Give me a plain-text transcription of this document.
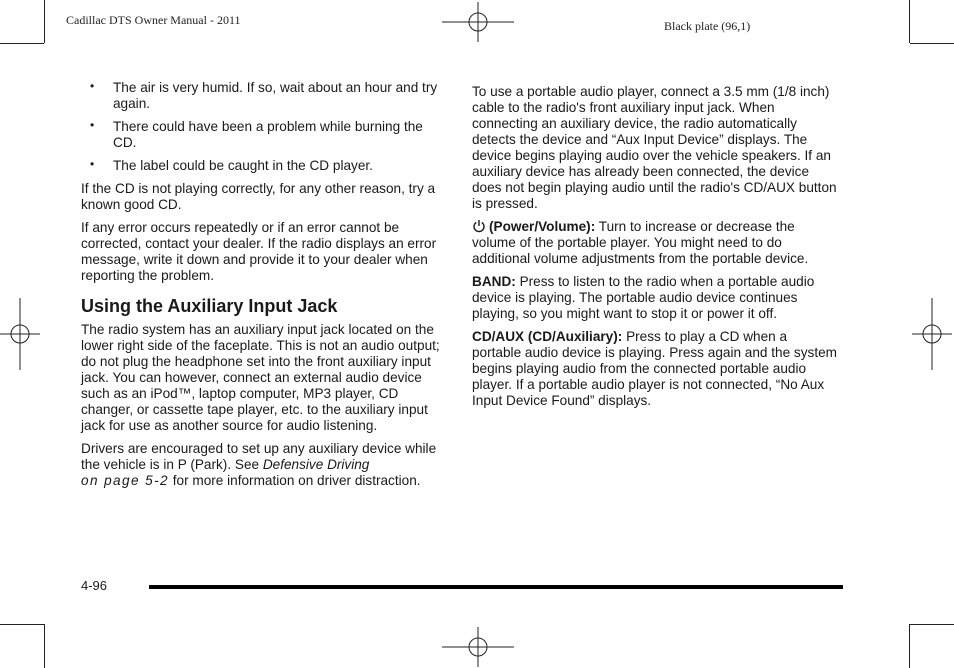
Cadillac DTS Owner Manual - 2011	Black plate (96,1)
• The air is very humid. If so, wait about an hour and try again.
• There could have been a problem while burning the CD.
• The label could be caught in the CD player.

If the CD is not playing correctly, for any other reason, try a known good CD.

If any error occurs repeatedly or if an error cannot be corrected, contact your dealer. If the radio displays an error message, write it down and provide it to your dealer when reporting the problem.

Using the Auxiliary Input Jack

The radio system has an auxiliary input jack located on the lower right side of the faceplate. This is not an audio output; do not plug the headphone set into the front auxiliary input jack. You can however, connect an external audio device such as an iPod™, laptop computer, MP3 player, CD changer, or cassette tape player, etc. to the auxiliary input jack for use as another source for audio listening.

Drivers are encouraged to set up any auxiliary device while the vehicle is in P (Park). See Defensive Driving
on page 5-2 for more information on driver distraction.

To use a portable audio player, connect a 3.5 mm (1/8 inch) cable to the radio's front auxiliary input jack. When connecting an auxiliary device, the radio automatically detects the device and “Aux Input Device” displays. The device begins playing audio over the vehicle speakers. If an auxiliary device has already been connected, the device does not begin playing audio until the radio's CD/AUX button is pressed.

(Power/Volume): Turn to increase or decrease the volume of the portable player. You might need to do additional volume adjustments from the portable device.

BAND: Press to listen to the radio when a portable audio device is playing. The portable audio device continues playing, so you might want to stop it or power it off.

CD/AUX (CD/Auxiliary): Press to play a CD when a portable audio device is playing. Press again and the system begins playing audio from the connected portable audio player. If a portable audio player is not connected, “No Aux Input Device Found” displays.

4-96
